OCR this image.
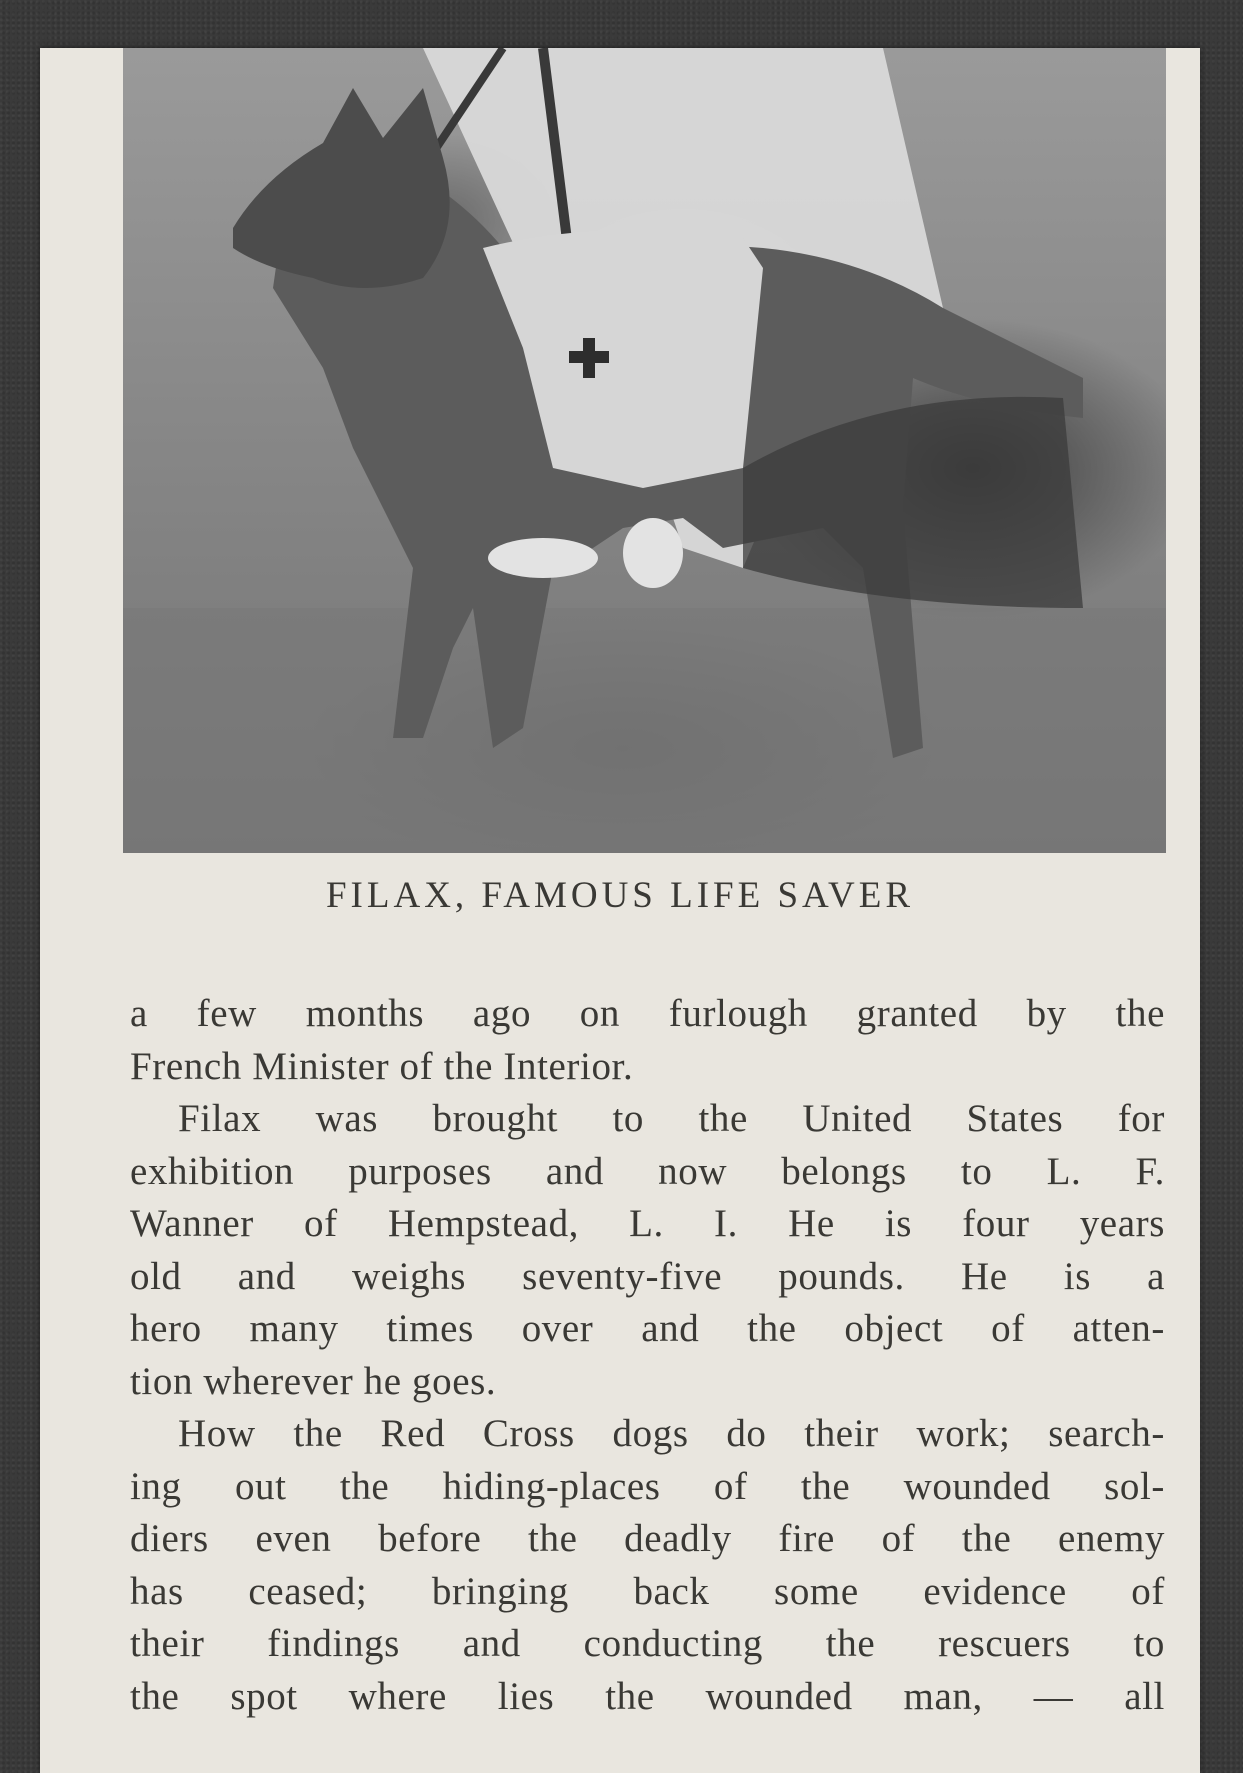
FILAX, FAMOUS LIFE SAVER
a few months ago on furlough granted by the
French Minister of the Interior.
Filax was brought to the United States for
exhibition purposes and now belongs to L. F.
Wanner of Hempstead, L. I. He is four years
old and weighs seventy-five pounds. He is a
hero many times over and the object of atten-
tion wherever he goes.
How the Red Cross dogs do their work; search-
ing out the hiding-places of the wounded sol-
diers even before the deadly fire of the enemy
has ceased; bringing back some evidence of
their findings and conducting the rescuers to
the spot where lies the wounded man, — all
